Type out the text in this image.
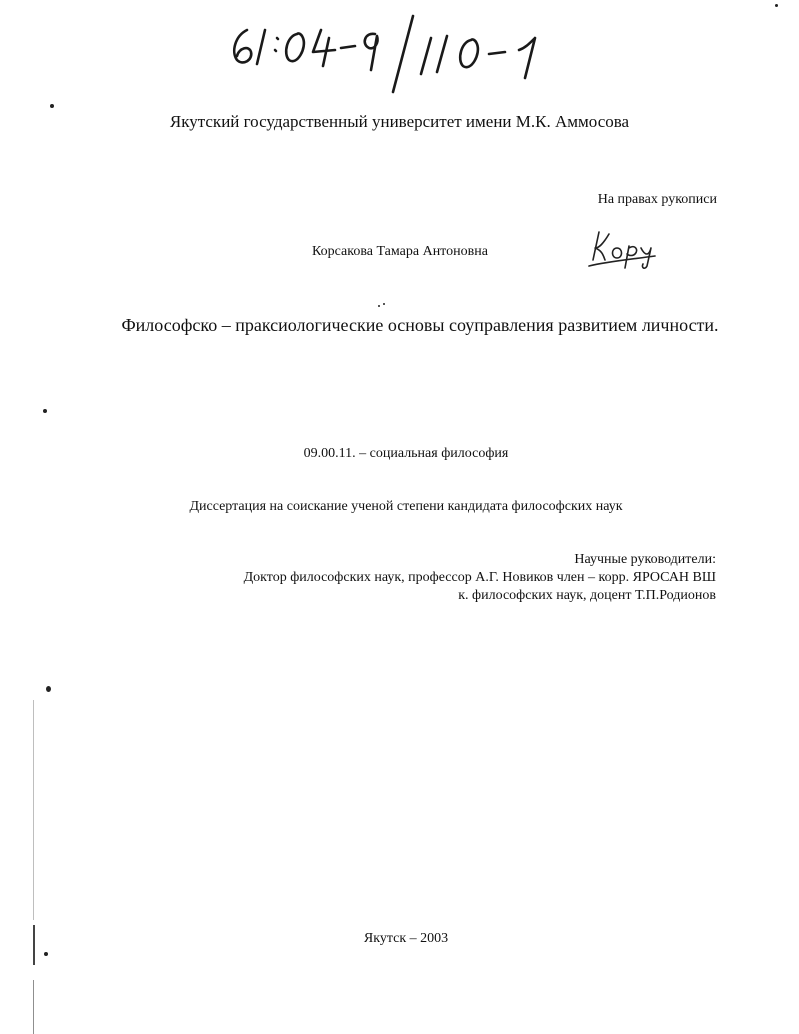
Якутский государственный университет имени М.К. Аммосова
На правах рукописи
Корсакова Тамара Антоновна
Философско – праксиологические основы соуправления развитием личности.
09.00.11. – социальная философия
Диссертация на соискание ученой степени кандидата философских наук
Научные руководители:
Доктор философских наук, профессор А.Г. Новиков член – корр. ЯРОСАН ВШ
к. философских наук, доцент Т.П.Родионов
Якутск – 2003
